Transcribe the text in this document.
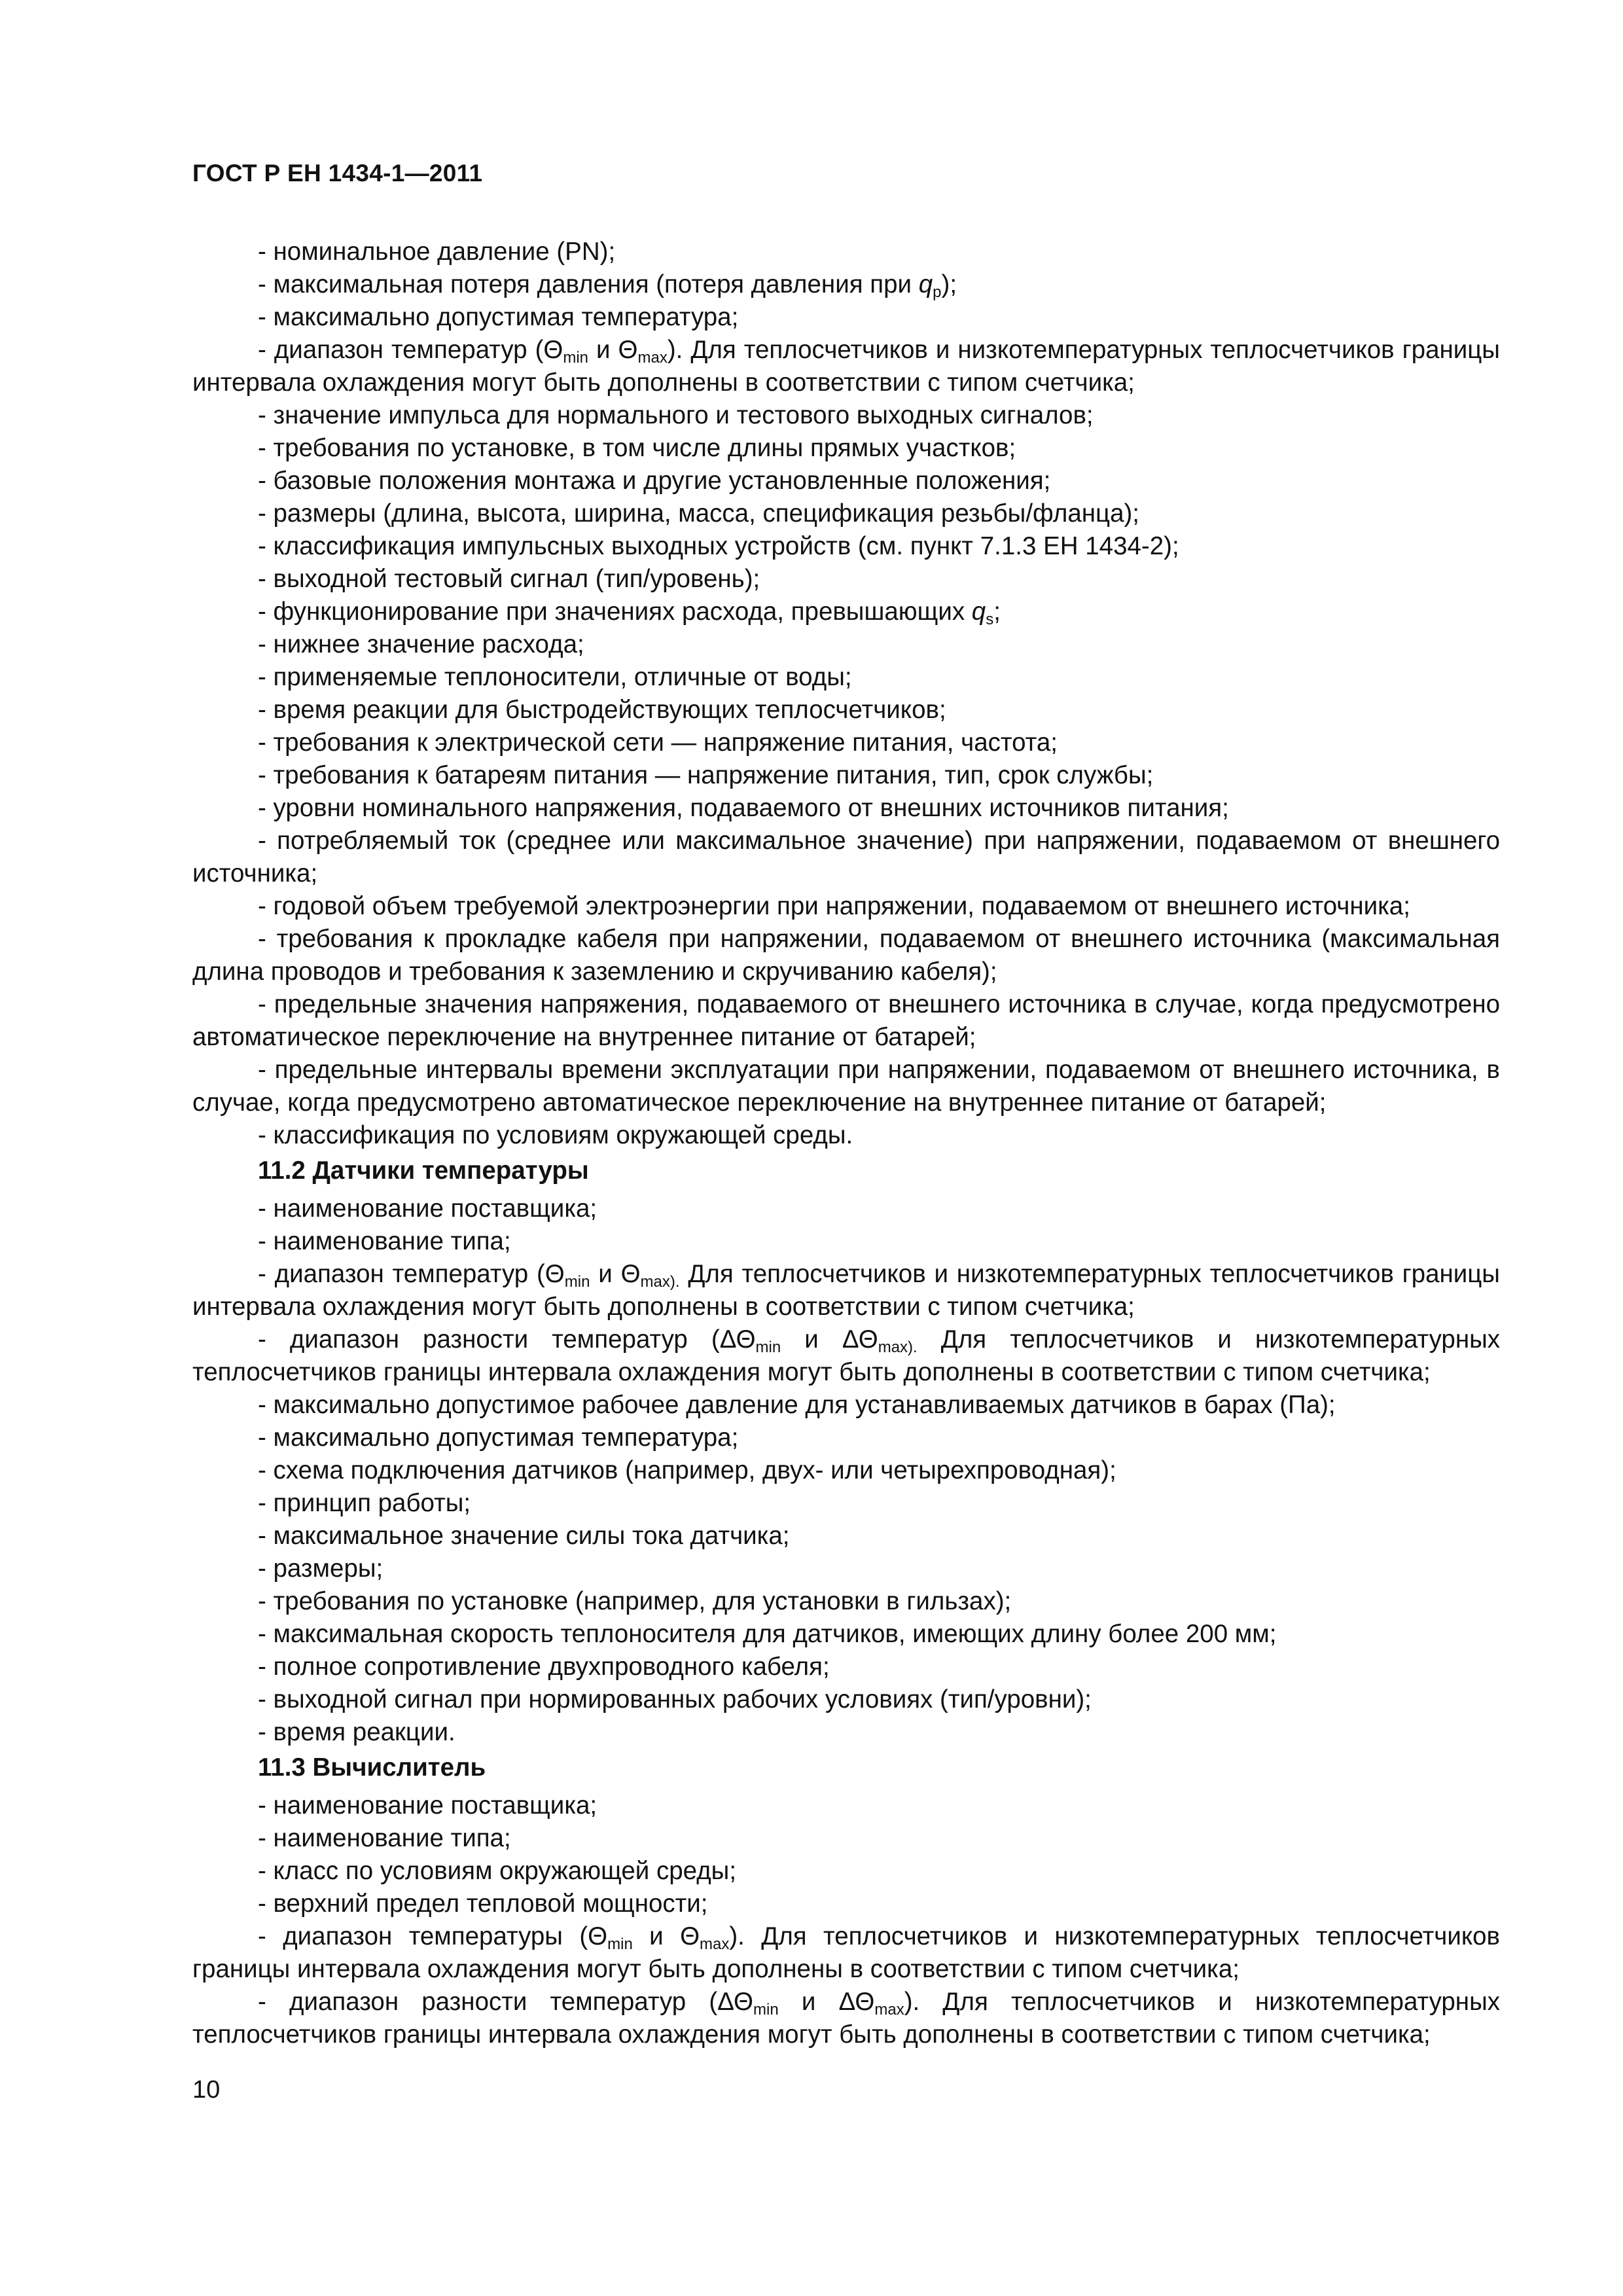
ГОСТ Р ЕН 1434-1—2011

- номинальное давление (PN);

- максимальная потеря давления (потеря давления при $q_p$);

- максимально допустимая температура;

- диапазон температур ($\Theta_{min}$ и $\Theta_{max}$). Для теплосчетчиков и низкотемпературных теплосчетчиков границы интервала охлаждения могут быть дополнены в соответствии с типом счетчика;

- значение импульса для нормального и тестового выходных сигналов;

- требования по установке, в том числе длины прямых участков;

- базовые положения монтажа и другие установленные положения;

- размеры (длина, высота, ширина, масса, спецификация резьбы/фланца);

- классификация импульсных выходных устройств (см. пункт 7.1.3 ЕН 1434-2);

- выходной тестовый сигнал (тип/уровень);

- функционирование при значениях расхода, превышающих $q_s$;

- нижнее значение расхода;

- применяемые теплоносители, отличные от воды;

- время реакции для быстродействующих теплосчетчиков;

- требования к электрической сети — напряжение питания, частота;

- требования к батареям питания — напряжение питания, тип, срок службы;

- уровни номинального напряжения, подаваемого от внешних источников питания;

- потребляемый ток (среднее или максимальное значение) при напряжении, подаваемом от внешнего источника;

- годовой объем требуемой электроэнергии при напряжении, подаваемом от внешнего источника;

- требования к прокладке кабеля при напряжении, подаваемом от внешнего источника (максимальная длина проводов и требования к заземлению и скручиванию кабеля);

- предельные значения напряжения, подаваемого от внешнего источника в случае, когда предусмотрено автоматическое переключение на внутреннее питание от батарей;

- предельные интервалы времени эксплуатации при напряжении, подаваемом от внешнего источника, в случае, когда предусмотрено автоматическое переключение на внутреннее питание от батарей;

- классификация по условиям окружающей среды.

11.2 Датчики температуры

- наименование поставщика;

- наименование типа;

- диапазон температур ($\Theta_{min}$ и $\Theta_{max).}$ Для теплосчетчиков и низкотемпературных теплосчетчиков границы интервала охлаждения могут быть дополнены в соответствии с типом счетчика;

- диапазон разности температур ($\Delta\Theta_{min}$ и $\Delta\Theta_{max).}$ Для теплосчетчиков и низкотемпературных теплосчетчиков границы интервала охлаждения могут быть дополнены в соответствии с типом счетчика;

- максимально допустимое рабочее давление для устанавливаемых датчиков в барах (Па);

- максимально допустимая температура;

- схема подключения датчиков (например, двух- или четырехпроводная);

- принцип работы;

- максимальное значение силы тока датчика;

- размеры;

- требования по установке (например, для установки в гильзах);

- максимальная скорость теплоносителя для датчиков, имеющих длину более 200 мм;

- полное сопротивление двухпроводного кабеля;

- выходной сигнал при нормированных рабочих условиях (тип/уровни);

- время реакции.

11.3 Вычислитель

- наименование поставщика;

- наименование типа;

- класс по условиям окружающей среды;

- верхний предел тепловой мощности;

- диапазон температуры ($\Theta_{min}$ и $\Theta_{max}$). Для теплосчетчиков и низкотемпературных теплосчетчиков границы интервала охлаждения могут быть дополнены в соответствии с типом счетчика;

- диапазон разности температур ($\Delta\Theta_{min}$ и $\Delta\Theta_{max}$). Для теплосчетчиков и низкотемпературных теплосчетчиков границы интервала охлаждения могут быть дополнены в соответствии с типом счетчика;

10
